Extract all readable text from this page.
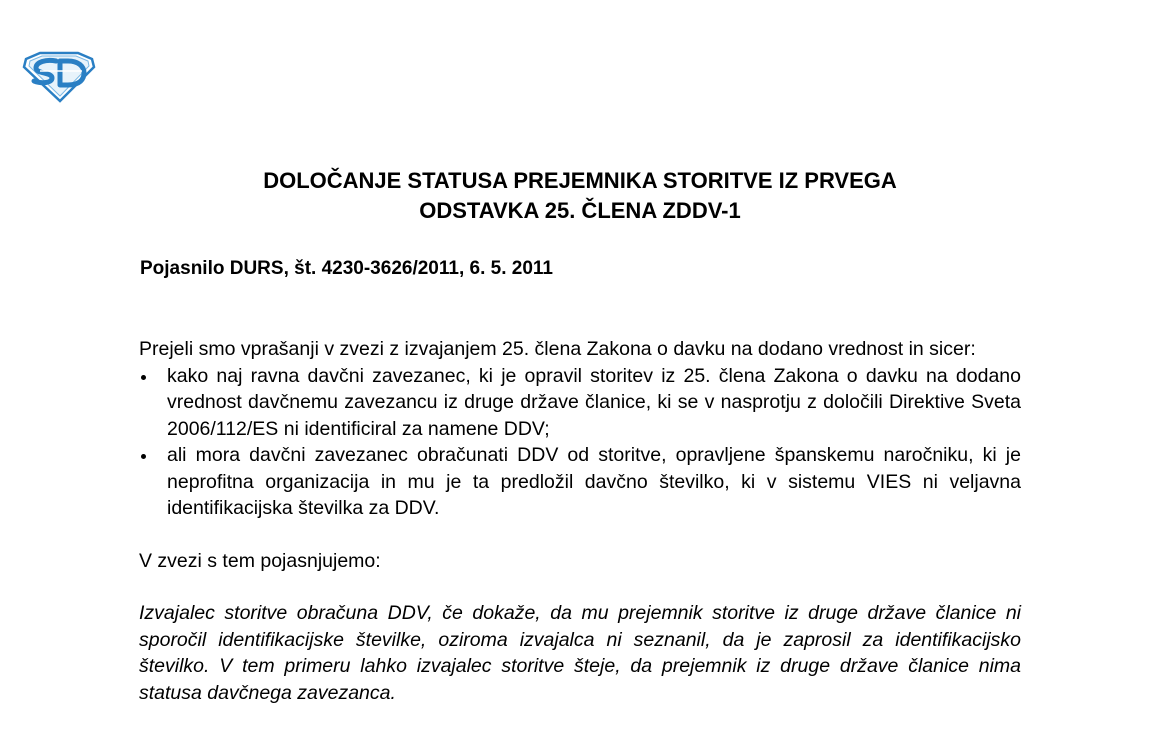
DOLOČANJE STATUSA PREJEMNIKA STORITVE IZ PRVEGA
ODSTAVKA 25. ČLENA ZDDV-1

Pojasnilo DURS, št. 4230-3626/2011, 6. 5. 2011

Prejeli smo vprašanji v zvezi z izvajanjem 25. člena Zakona o davku na dodano vrednost in sicer:

kako naj ravna davčni zavezanec, ki je opravil storitev iz 25. člena Zakona o davku na dodano vrednost davčnemu zavezancu iz druge države članice, ki se v nasprotju z določili Direktive Sveta 2006/112/ES ni identificiral za namene DDV;
ali mora davčni zavezanec obračunati DDV od storitve, opravljene španskemu naročniku, ki je neprofitna organizacija in mu je ta predložil davčno številko, ki v sistemu VIES ni veljavna identifikacijska številka za DDV.

V zvezi s tem pojasnjujemo:

Izvajalec storitve obračuna DDV, če dokaže, da mu prejemnik storitve iz druge države članice ni sporočil identifikacijske številke, oziroma izvajalca ni seznanil, da je zaprosil za identifikacijsko številko. V tem primeru lahko izvajalec storitve šteje, da prejemnik iz druge države članice nima statusa davčnega zavezanca.
